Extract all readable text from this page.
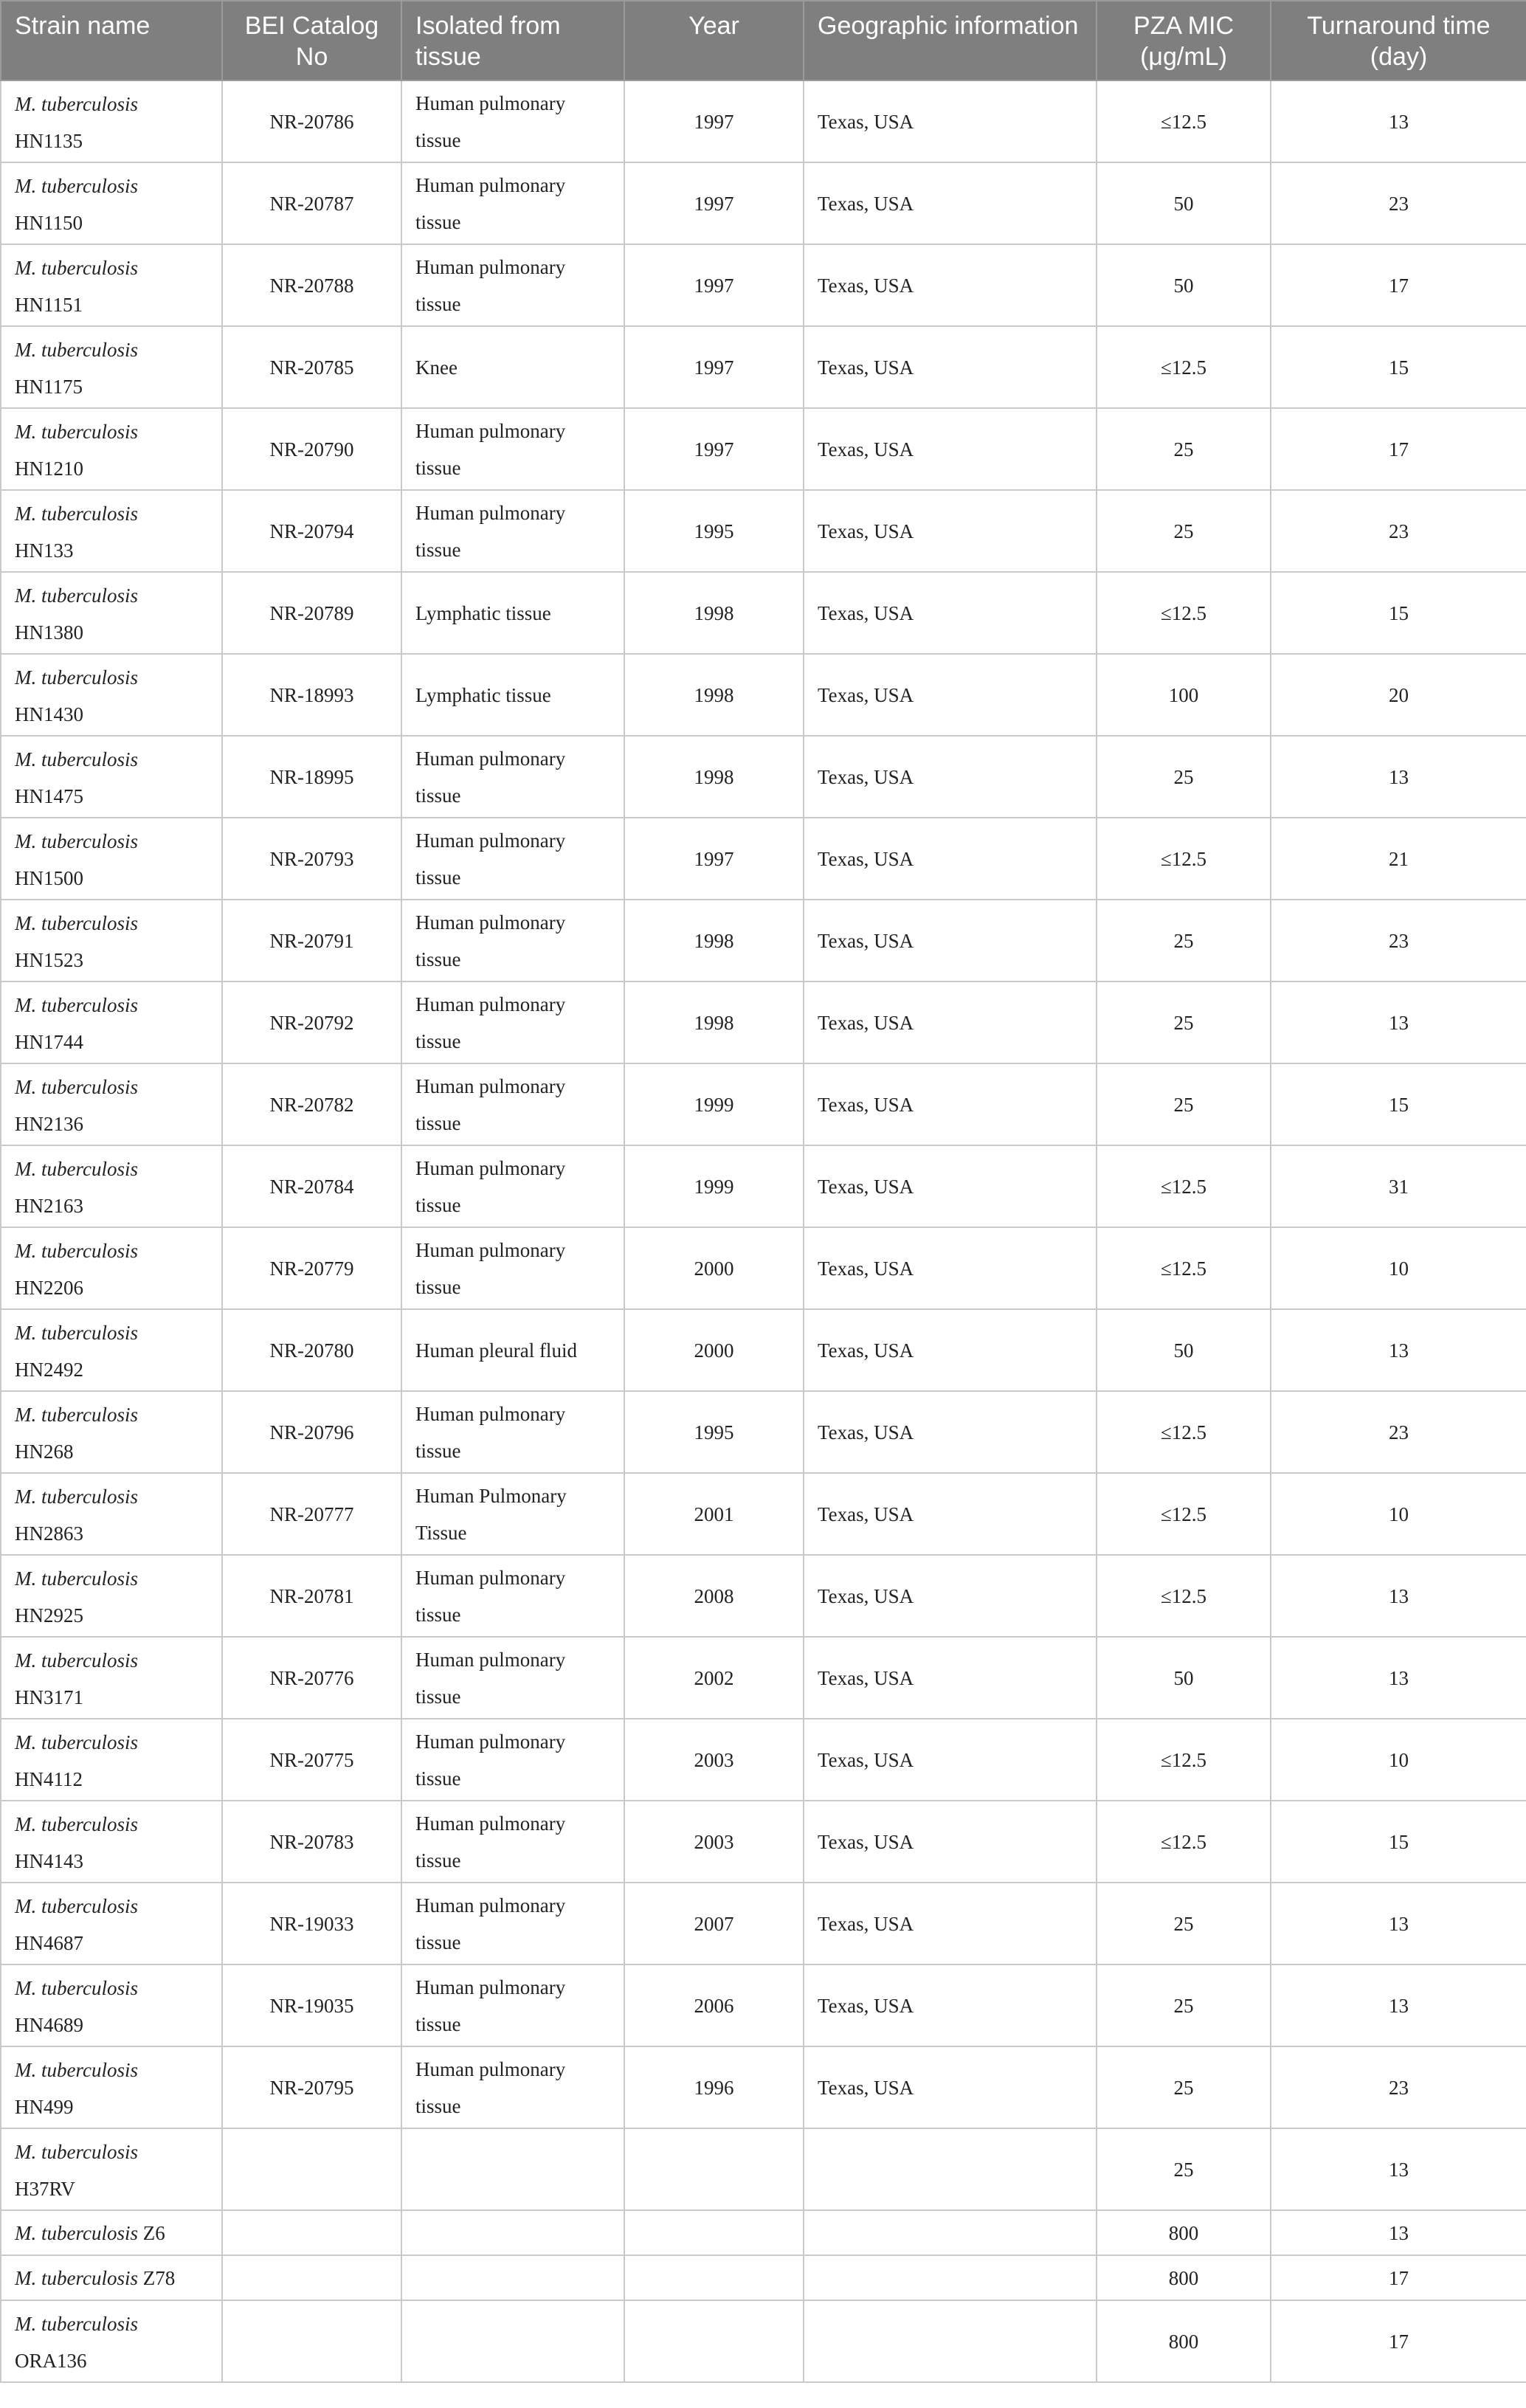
Strain name	BEI Catalog No	Isolated from tissue	Year	Geographic information	PZA MIC (μg/mL)	Turnaround time (day)
M. tuberculosis
HN1135	NR-20786	Human pulmonary tissue	1997	Texas, USA	≤12.5	13
M. tuberculosis
HN1150	NR-20787	Human pulmonary tissue	1997	Texas, USA	50	23
M. tuberculosis
HN1151	NR-20788	Human pulmonary tissue	1997	Texas, USA	50	17
M. tuberculosis
HN1175	NR-20785	Knee	1997	Texas, USA	≤12.5	15
M. tuberculosis
HN1210	NR-20790	Human pulmonary tissue	1997	Texas, USA	25	17
M. tuberculosis
HN133	NR-20794	Human pulmonary tissue	1995	Texas, USA	25	23
M. tuberculosis
HN1380	NR-20789	Lymphatic tissue	1998	Texas, USA	≤12.5	15
M. tuberculosis
HN1430	NR-18993	Lymphatic tissue	1998	Texas, USA	100	20
M. tuberculosis
HN1475	NR-18995	Human pulmonary tissue	1998	Texas, USA	25	13
M. tuberculosis
HN1500	NR-20793	Human pulmonary tissue	1997	Texas, USA	≤12.5	21
M. tuberculosis
HN1523	NR-20791	Human pulmonary tissue	1998	Texas, USA	25	23
M. tuberculosis
HN1744	NR-20792	Human pulmonary tissue	1998	Texas, USA	25	13
M. tuberculosis
HN2136	NR-20782	Human pulmonary tissue	1999	Texas, USA	25	15
M. tuberculosis
HN2163	NR-20784	Human pulmonary tissue	1999	Texas, USA	≤12.5	31
M. tuberculosis
HN2206	NR-20779	Human pulmonary tissue	2000	Texas, USA	≤12.5	10
M. tuberculosis
HN2492	NR-20780	Human pleural fluid	2000	Texas, USA	50	13
M. tuberculosis
HN268	NR-20796	Human pulmonary tissue	1995	Texas, USA	≤12.5	23
M. tuberculosis
HN2863	NR-20777	Human Pulmonary Tissue	2001	Texas, USA	≤12.5	10
M. tuberculosis
HN2925	NR-20781	Human pulmonary tissue	2008	Texas, USA	≤12.5	13
M. tuberculosis
HN3171	NR-20776	Human pulmonary tissue	2002	Texas, USA	50	13
M. tuberculosis
HN4112	NR-20775	Human pulmonary tissue	2003	Texas, USA	≤12.5	10
M. tuberculosis
HN4143	NR-20783	Human pulmonary tissue	2003	Texas, USA	≤12.5	15
M. tuberculosis
HN4687	NR-19033	Human pulmonary tissue	2007	Texas, USA	25	13
M. tuberculosis
HN4689	NR-19035	Human pulmonary tissue	2006	Texas, USA	25	13
M. tuberculosis
HN499	NR-20795	Human pulmonary tissue	1996	Texas, USA	25	23
M. tuberculosis
H37RV					25	13
M. tuberculosis Z6					800	13
M. tuberculosis Z78					800	17
M. tuberculosis
ORA136					800	17
